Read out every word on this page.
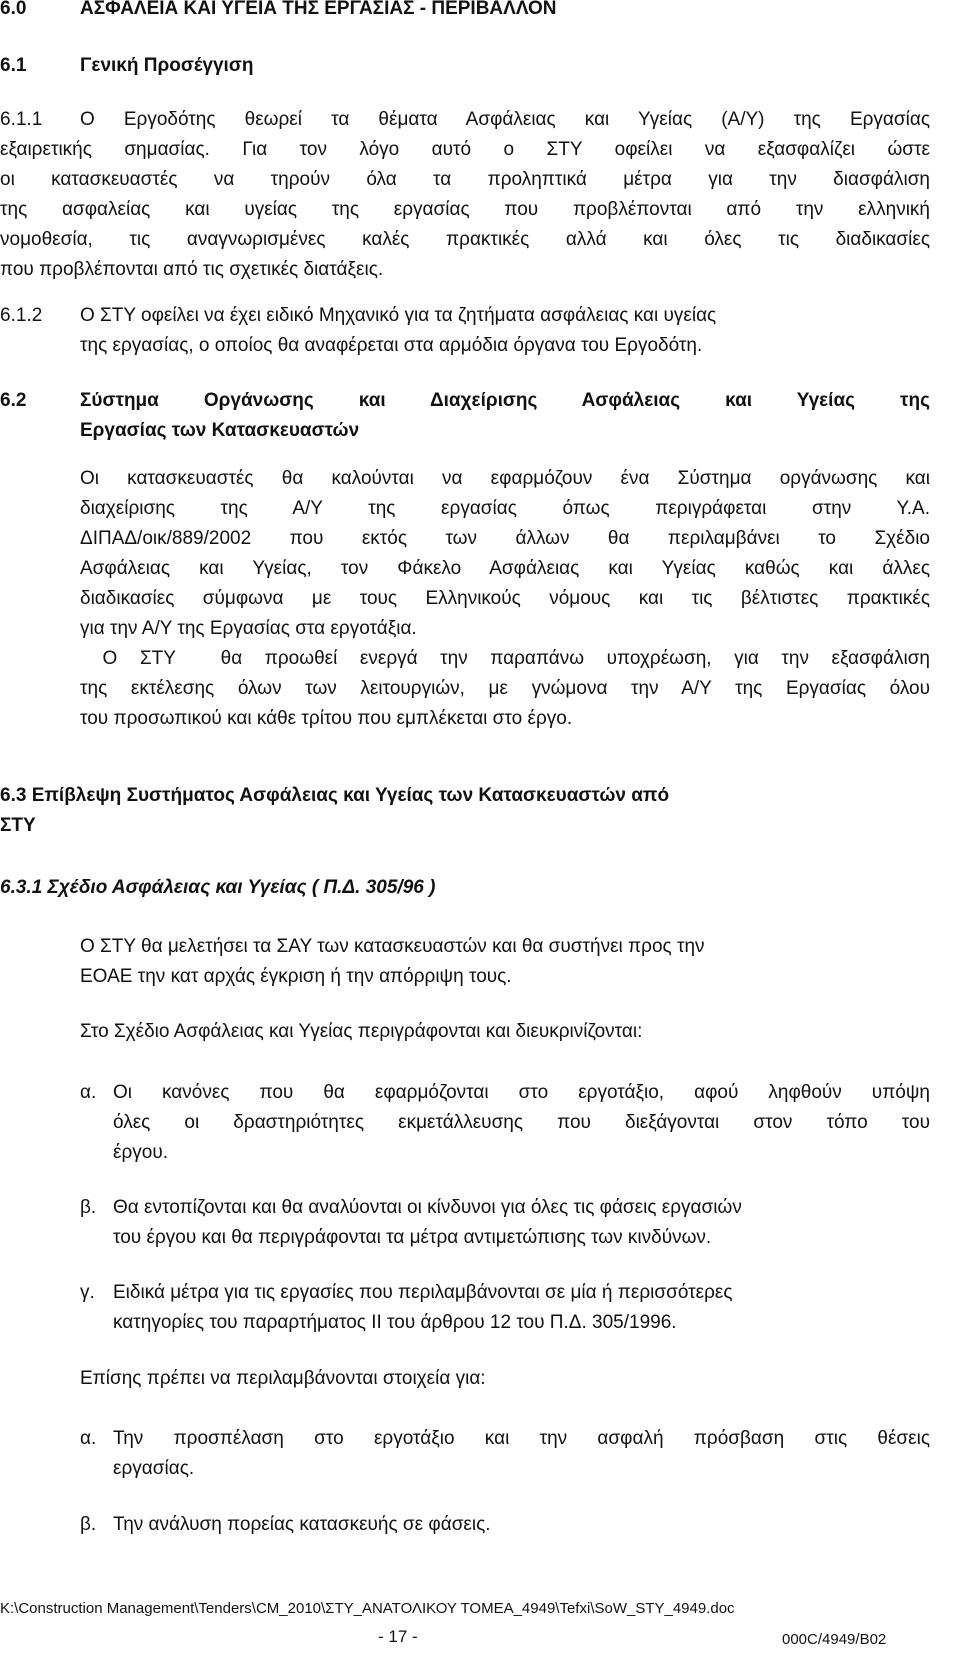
6.0	ΑΣΦΑΛΕΙΑ ΚΑΙ ΥΓΕΙΑ ΤΗΣ ΕΡΓΑΣΙΑΣ - ΠΕΡΙΒΑΛΛΟΝ
6.1	Γενική Προσέγγιση
6.1.1 Ο Εργοδότης θεωρεί τα θέματα Ασφάλειας και Υγείας (Α/Υ) της Εργασίας
εξαιρετικής σημασίας. Για τον λόγο αυτό ο ΣΤΥ οφείλει να εξασφαλίζει ώστε
οι κατασκευαστές να τηρούν όλα τα προληπτικά μέτρα για την διασφάλιση
της ασφαλείας και υγείας της εργασίας που προβλέπονται από την ελληνική
νομοθεσία, τις αναγνωρισμένες καλές πρακτικές αλλά και όλες τις διαδικασίες
που προβλέπονται από τις σχετικές διατάξεις.
6.1.2 Ο ΣΤΥ οφείλει να έχει ειδικό Μηχανικό για τα ζητήματα ασφάλειας και υγείας
της εργασίας, ο οποίος θα αναφέρεται στα αρμόδια όργανα του Εργοδότη.
6.2	Σύστημα Οργάνωσης και Διαχείρισης Ασφάλειας και Υγείας της
Εργασίας των Κατασκευαστών
Οι κατασκευαστές θα καλούνται να εφαρμόζουν ένα Σύστημα οργάνωσης και
διαχείρισης της Α/Υ της εργασίας όπως περιγράφεται στην Υ.Α.
ΔΙΠΑΔ/οικ/889/2002 που εκτός των άλλων θα περιλαμβάνει το Σχέδιο
Ασφάλειας και Υγείας, τον Φάκελο Ασφάλειας και Υγείας καθώς και άλλες
διαδικασίες σύμφωνα με τους Ελληνικούς νόμους και τις βέλτιστες πρακτικές
για την Α/Υ της Εργασίας στα εργοτάξια.
Ο ΣΤΥ  θα προωθεί ενεργά την παραπάνω υποχρέωση, για την εξασφάλιση
της εκτέλεσης όλων των λειτουργιών, με γνώμονα την Α/Υ της Εργασίας όλου
του προσωπικού και κάθε τρίτου που εμπλέκεται στο έργο.
6.3 Επίβλεψη Συστήματος Ασφάλειας και Υγείας των Κατασκευαστών από
ΣΤΥ
6.3.1 Σχέδιο Ασφάλειας και Υγείας ( Π.Δ. 305/96 )
Ο ΣΤΥ θα μελετήσει τα ΣΑΥ των κατασκευαστών και θα συστήνει προς την
ΕΟΑΕ την κατ αρχάς έγκριση ή την απόρριψη τους.
Στο Σχέδιο Ασφάλειας και Υγείας περιγράφονται και διευκρινίζονται:
α. Οι κανόνες που θα εφαρμόζονται στο εργοτάξιο, αφού ληφθούν υπόψη
όλες οι δραστηριότητες εκμετάλλευσης που διεξάγονται στον τόπο του
έργου.
β. Θα εντοπίζονται και θα αναλύονται οι κίνδυνοι για όλες τις φάσεις εργασιών
του έργου και θα περιγράφονται τα μέτρα αντιμετώπισης των κινδύνων.
γ. Ειδικά μέτρα για τις εργασίες που περιλαμβάνονται σε μία ή περισσότερες
κατηγορίες του παραρτήματος ΙΙ του άρθρου 12 του Π.Δ. 305/1996.
Επίσης πρέπει να περιλαμβάνονται στοιχεία για:
α. Την προσπέλαση στο εργοτάξιο και την ασφαλή πρόσβαση στις θέσεις
εργασίας.
β. Την ανάλυση πορείας κατασκευής σε φάσεις.
K:\Construction Management\Tenders\CM_2010\ΣΤΥ_ΑΝΑΤΟΛΙΚΟΥ ΤΟΜΕΑ_4949\Tefxi\SoW_STY_4949.doc
- 17 -	000C/4949/B02
